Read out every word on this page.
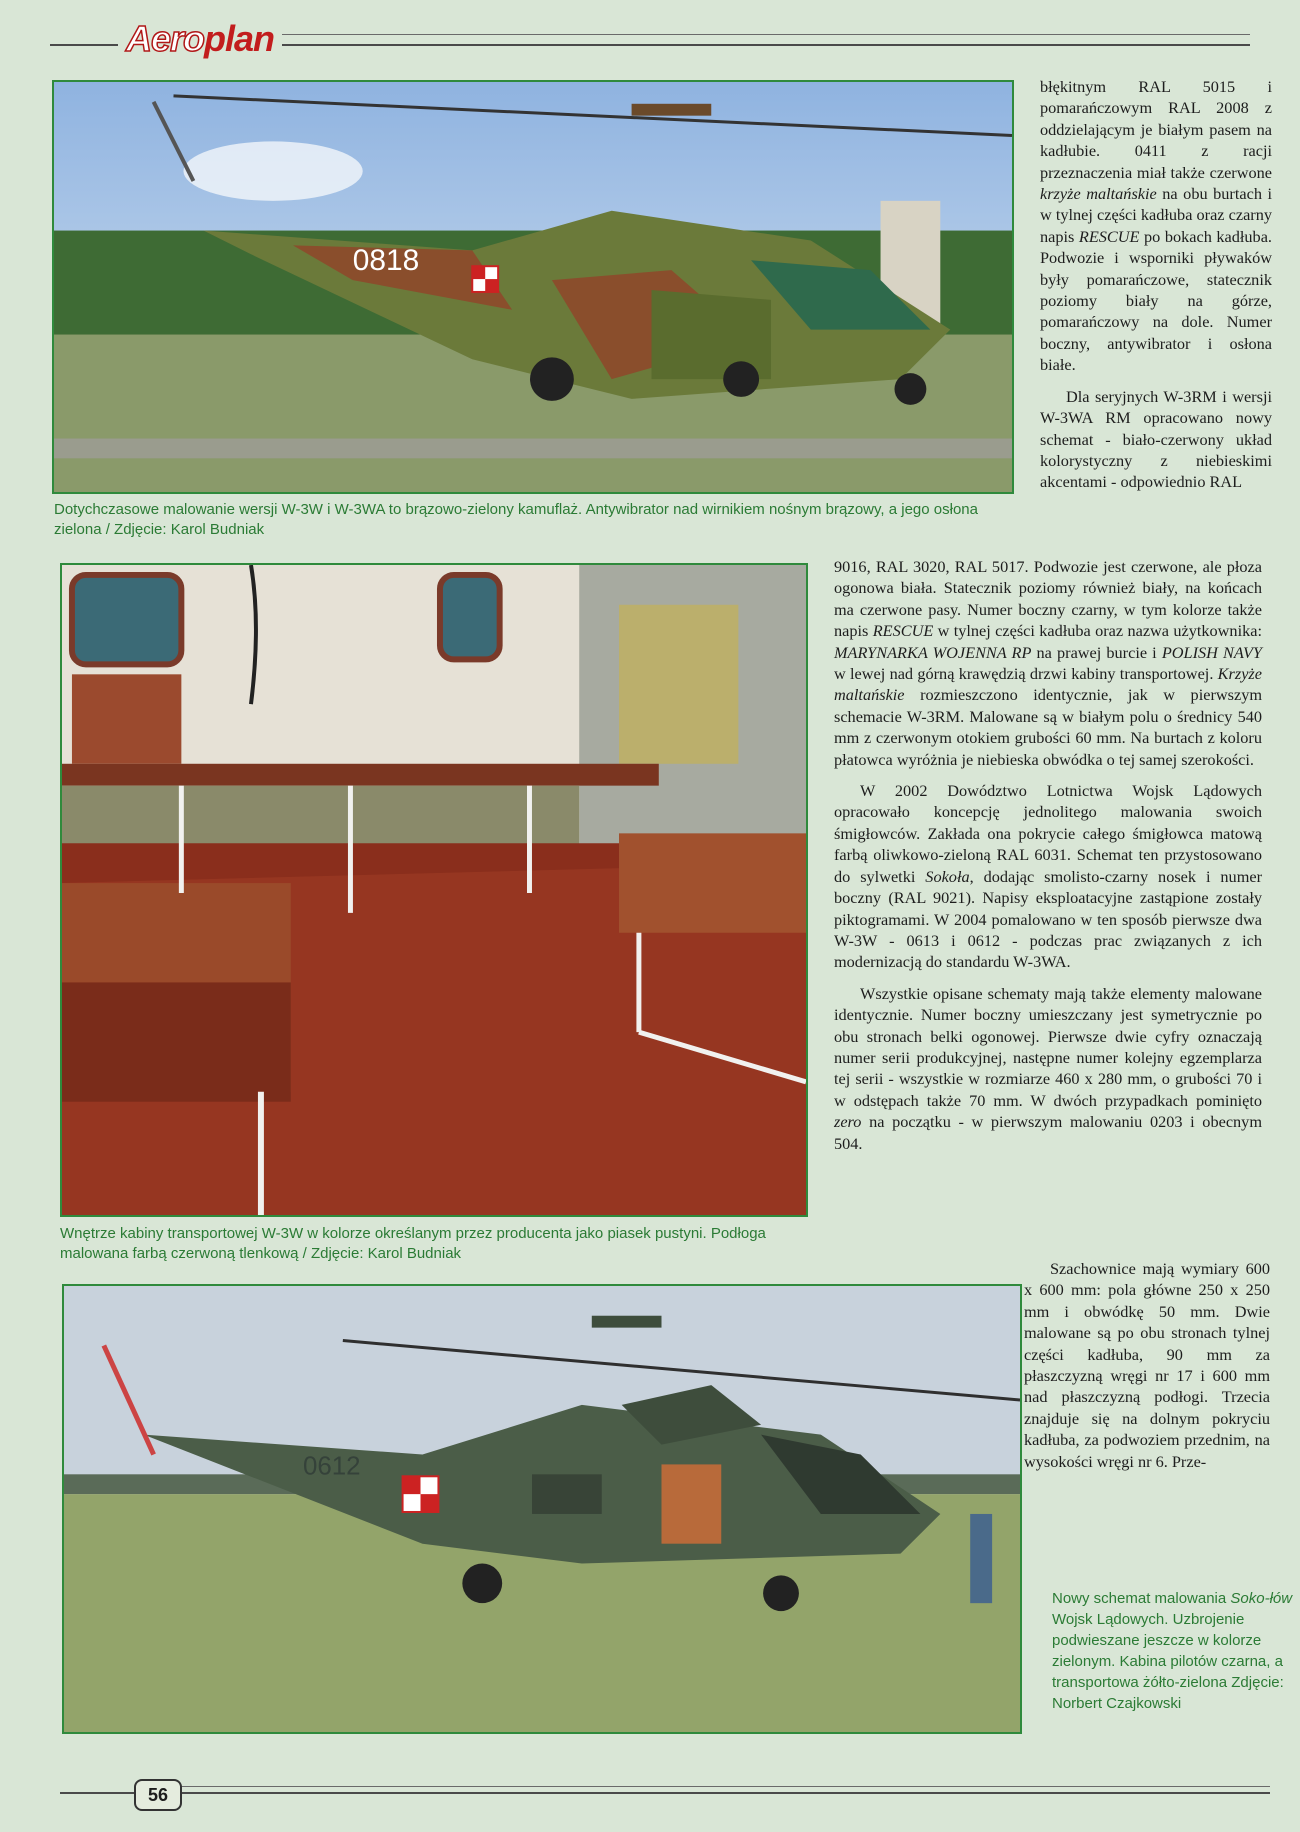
Aeroplan
0818
Dotychczasowe malowanie wersji W-3W i W-3WA to brązowo-zielony kamuflaż. Antywibrator nad wirnikiem nośnym brązowy, a jego osłona zielona / Zdjęcie: Karol Budniak
Wnętrze kabiny transportowej W-3W w kolorze określanym przez producenta jako piasek pustyni. Podłoga malowana farbą czerwoną tlenkową / Zdjęcie: Karol Budniak
0612
Nowy schemat malowania Soko-łów Wojsk Lądowych. Uzbrojenie podwieszane jeszcze w kolorze zielonym. Kabina pilotów czarna, a transportowa żółto-zielona Zdjęcie: Norbert Czajkowski

błękitnym RAL 5015 i pomarańczowym RAL 2008 z oddzielającym je białym pasem na kadłubie. 0411 z racji przeznaczenia miał także czerwone krzyże maltańskie na obu burtach i w tylnej części kadłuba oraz czarny napis RESCUE po bokach kadłuba. Podwozie i wsporniki pływaków były pomarańczowe, statecznik poziomy biały na górze, pomarańczowy na dole. Numer boczny, antywibrator i osłona białe.

Dla seryjnych W-3RM i wersji W-3WA RM opracowano nowy schemat - biało-czerwony układ kolorystyczny z niebieskimi akcentami - odpowiednio RAL

9016, RAL 3020, RAL 5017. Podwozie jest czerwone, ale płoza ogonowa biała. Statecznik poziomy również biały, na końcach ma czerwone pasy. Numer boczny czarny, w tym kolorze także napis RESCUE w tylnej części kadłuba oraz nazwa użytkownika: MARYNARKA WOJENNA RP na prawej burcie i POLISH NAVY w lewej nad górną krawędzią drzwi kabiny transportowej. Krzyże maltańskie rozmieszczono identycznie, jak w pierwszym schemacie W-3RM. Malowane są w białym polu o średnicy 540 mm z czerwonym otokiem grubości 60 mm. Na burtach z koloru płatowca wyróżnia je niebieska obwódka o tej samej szerokości.

W 2002 Dowództwo Lotnictwa Wojsk Lądowych opracowało koncepcję jednolitego malowania swoich śmigłowców. Zakłada ona pokrycie całego śmigłowca matową farbą oliwkowo-zieloną RAL 6031. Schemat ten przystosowano do sylwetki Sokoła, dodając smolisto-czarny nosek i numer boczny (RAL 9021). Napisy eksploatacyjne zastąpione zostały piktogramami. W 2004 pomalowano w ten sposób pierwsze dwa W-3W - 0613 i 0612 - podczas prac związanych z ich modernizacją do standardu W-3WA.

Wszystkie opisane schematy mają także elementy malowane identycznie. Numer boczny umieszczany jest symetrycznie po obu stronach belki ogonowej. Pierwsze dwie cyfry oznaczają numer serii produkcyjnej, następne numer kolejny egzemplarza tej serii - wszystkie w rozmiarze 460 x 280 mm, o grubości 70 i w odstępach także 70 mm. W dwóch przypadkach pominięto zero na początku - w pierwszym malowaniu 0203 i obecnym 504.

Szachownice mają wymiary 600 x 600 mm: pola główne 250 x 250 mm i obwódkę 50 mm. Dwie malowane są po obu stronach tylnej części kadłuba, 90 mm za płaszczyzną wręgi nr 17 i 600 mm nad płaszczyzną podłogi. Trzecia znajduje się na dolnym pokryciu kadłuba, za podwoziem przednim, na wysokości wręgi nr 6. Prze-

56
